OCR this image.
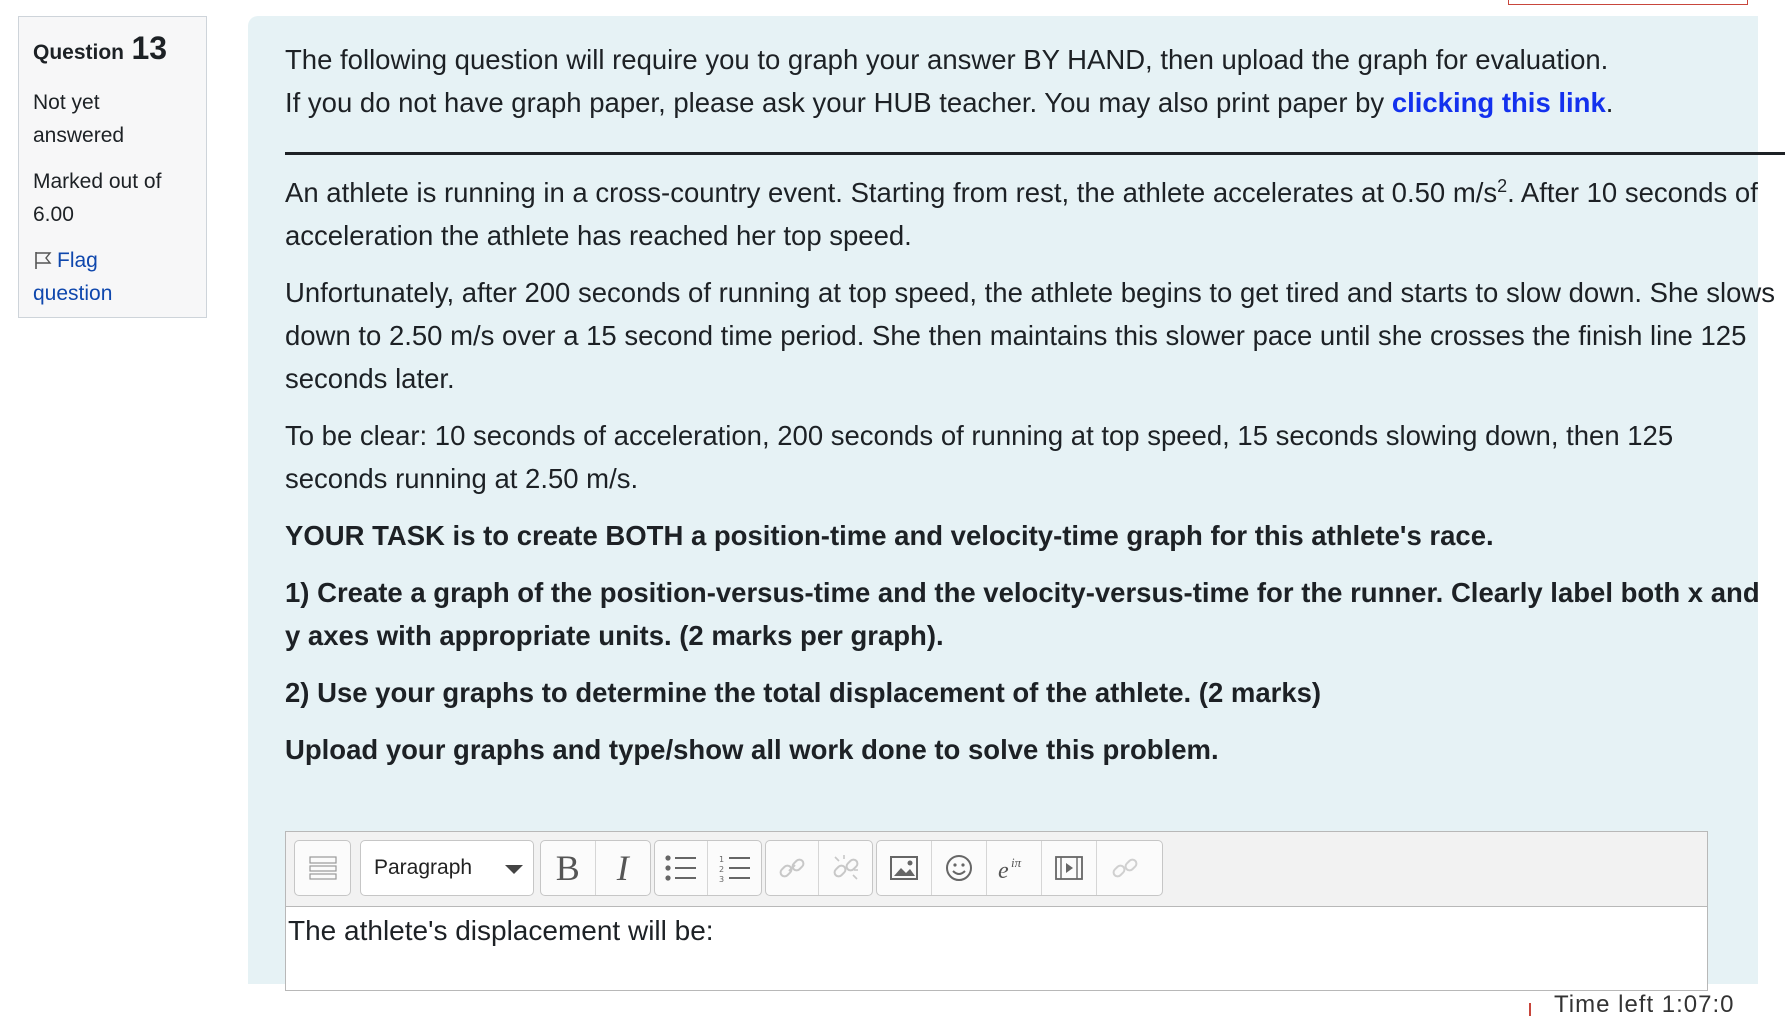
Question 13
Not yet
answered
Marked out of
6.00
Flag
question

The following question will require you to graph your answer BY HAND, then upload the graph for evaluation.

If you do not have graph paper, please ask your HUB teacher. You may also print paper by clicking this link.

An athlete is running in a cross-country event. Starting from rest, the athlete accelerates at 0.50 $m/s^2$. After 10 seconds of acceleration the athlete has reached her top speed.

Unfortunately, after 200 seconds of running at top speed, the athlete begins to get tired and starts to slow down. She slows down to 2.50 m/s over a 15 second time period. She then maintains this slower pace until she crosses the finish line 125 seconds later.

To be clear: 10 seconds of acceleration, 200 seconds of running at top speed, 15 seconds slowing down, then 125 seconds running at 2.50 m/s.

YOUR TASK is to create BOTH a position-time and velocity-time graph for this athlete's race.

1) Create a graph of the position-versus-time and the velocity-versus-time for the runner. Clearly label both x and y axes with appropriate units. (2 marks per graph).

2) Use your graphs to determine the total displacement of the athlete. (2 marks)

Upload your graphs and type/show all work done to solve this problem.

Paragraph	B I	1
2
3	e iπ
The athlete's displacement will be:
Time left 1:07:0
